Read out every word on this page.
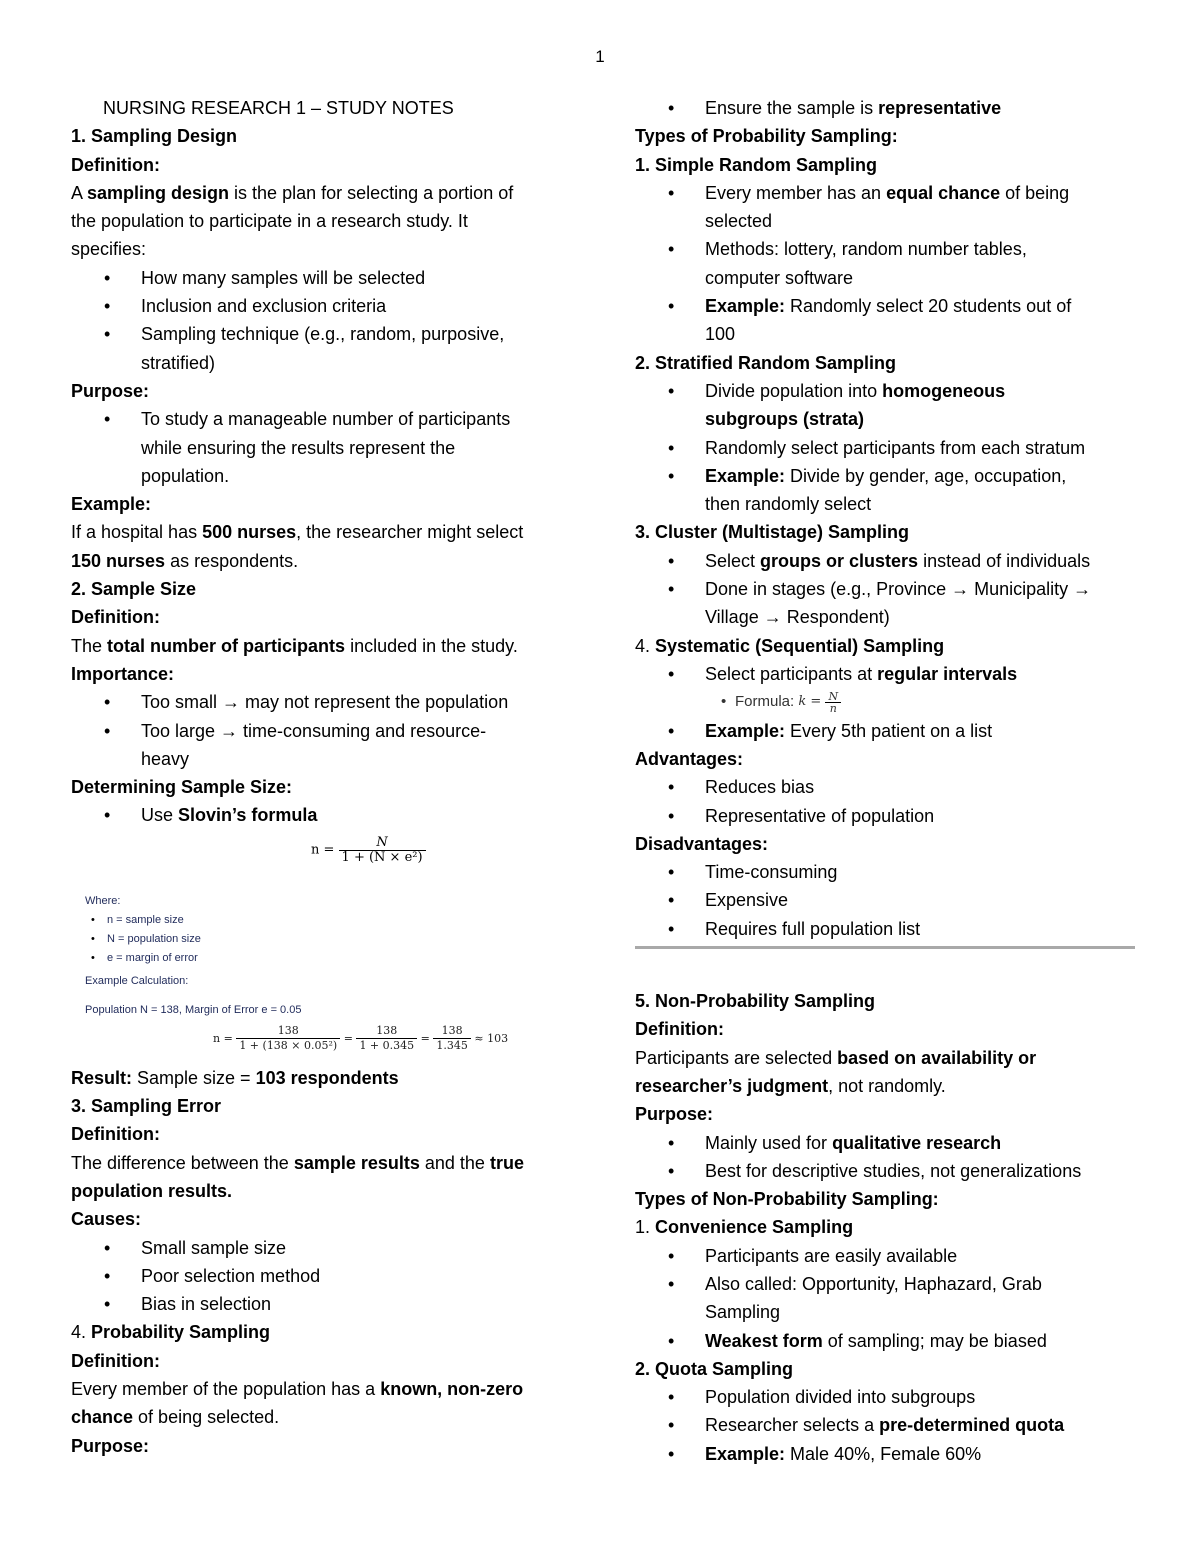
1
NURSING RESEARCH 1 – STUDY NOTES
1. Sampling Design
Definition:
A sampling design is the plan for selecting a portion of
the population to participate in a research study. It
specifies:
• How many samples will be selected
• Inclusion and exclusion criteria
• Sampling technique (e.g., random, purposive,
stratified)
Purpose:
• To study a manageable number of participants
while ensuring the results represent the
population.
Example:
If a hospital has 500 nurses, the researcher might select
150 nurses as respondents.
2. Sample Size
Definition:
The total number of participants included in the study.
Importance:
• Too small → may not represent the population
• Too large → time-consuming and resource-
heavy
Determining Sample Size:
• Use Slovin’s formula
$n = \frac{N}{\text{1 + (N × e²)}}$
Where:
• n = sample size
• N = population size
• e = margin of error
Example Calculation:
Population N = 138, Margin of Error e = 0.05
$n = \frac{138}{\text{1 + (138 × 0.05²)}} = \frac{138}{1 + 0.345} = \frac{138}{1.345} \approx 103$
Result: Sample size = 103 respondents
3. Sampling Error
Definition:
The difference between the sample results and the true
population results.
Causes:
• Small sample size
• Poor selection method
• Bias in selection
4. Probability Sampling
Definition:
Every member of the population has a known, non-zero
chance of being selected.
Purpose:
• Ensure the sample is representative
Types of Probability Sampling:
1. Simple Random Sampling
• Every member has an equal chance of being
selected
• Methods: lottery, random number tables,
computer software
• Example: Randomly select 20 students out of
100
2. Stratified Random Sampling
• Divide population into homogeneous
subgroups (strata)
• Randomly select participants from each stratum
• Example: Divide by gender, age, occupation,
then randomly select
3. Cluster (Multistage) Sampling
• Select groups or clusters instead of individuals
• Done in stages (e.g., Province → Municipality →
Village → Respondent)
4. Systematic (Sequential) Sampling
• Select participants at regular intervals
• Formula: $k = \frac{N}{n}$
• Example: Every 5th patient on a list
Advantages:
• Reduces bias
• Representative of population
Disadvantages:
• Time-consuming
• Expensive
• Requires full population list
5. Non-Probability Sampling
Definition:
Participants are selected based on availability or
researcher’s judgment, not randomly.
Purpose:
• Mainly used for qualitative research
• Best for descriptive studies, not generalizations
Types of Non-Probability Sampling:
1. Convenience Sampling
• Participants are easily available
• Also called: Opportunity, Haphazard, Grab
Sampling
• Weakest form of sampling; may be biased
2. Quota Sampling
• Population divided into subgroups
• Researcher selects a pre-determined quota
• Example: Male 40%, Female 60%
